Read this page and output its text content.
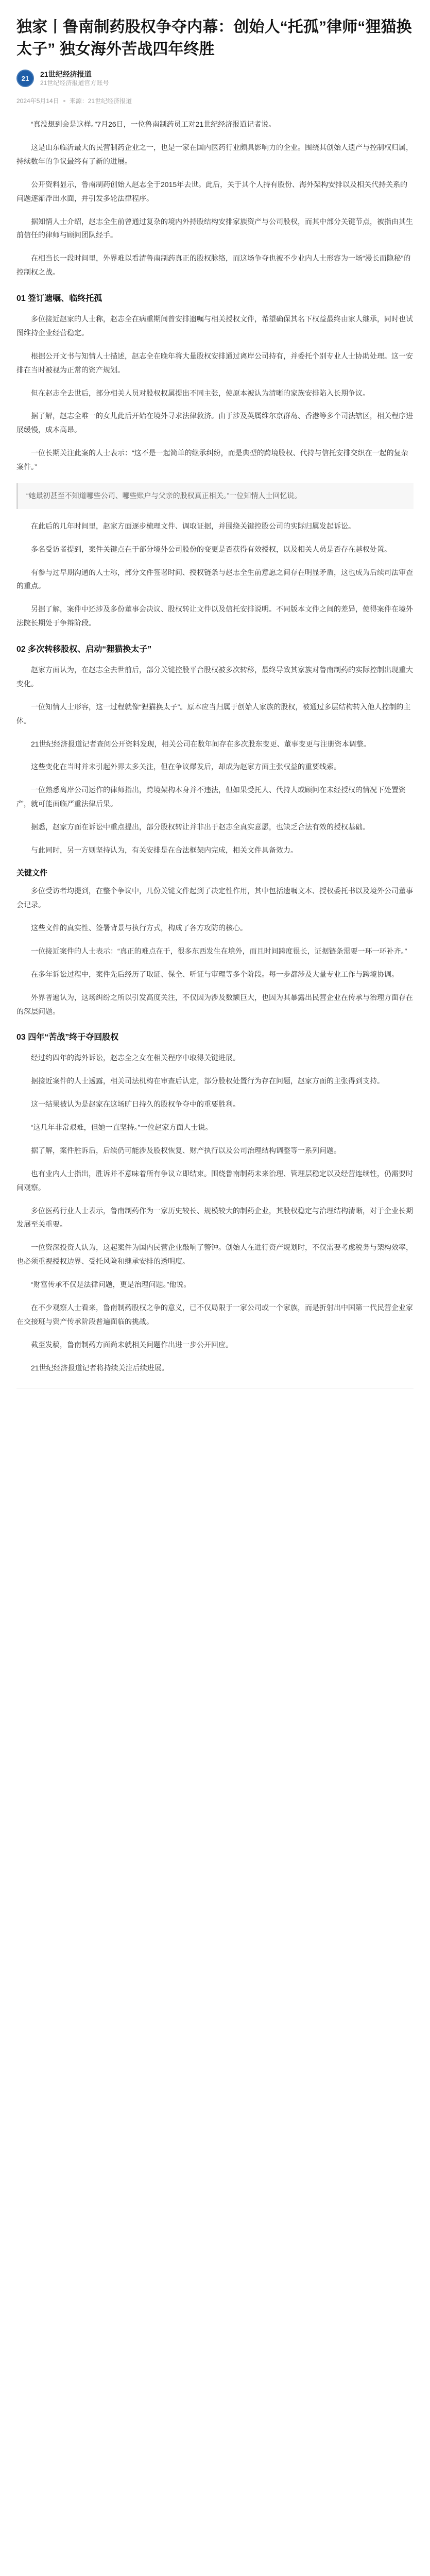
独家丨鲁南制药股权争夺内幕：创始人“托孤”律师“狸猫换太子” 独女海外苦战四年终胜
21
21世纪经济报道
21世纪经济报道官方账号
2024年5月14日 来源：21世纪经济报道

“真没想到会是这样。”7月26日，一位鲁南制药员工对21世纪经济报道记者说。

这是山东临沂最大的民营制药企业之一，也是一家在国内医药行业颇具影响力的企业。围绕其创始人遗产与控制权归属，持续数年的争议最终有了新的进展。

公开资料显示，鲁南制药创始人赵志全于2015年去世。此后，关于其个人持有股份、海外架构安排以及相关代持关系的问题逐渐浮出水面，并引发多轮法律程序。

据知情人士介绍，赵志全生前曾通过复杂的境内外持股结构安排家族资产与公司股权，而其中部分关键节点，被指由其生前信任的律师与顾问团队经手。

在相当长一段时间里，外界难以看清鲁南制药真正的股权脉络，而这场争夺也被不少业内人士形容为一场“漫长而隐秘”的控制权之战。

01 签订遗嘱、临终托孤

多位接近赵家的人士称，赵志全在病重期间曾安排遗嘱与相关授权文件，希望确保其名下权益最终由家人继承，同时也试图维持企业经营稳定。

根据公开文书与知情人士描述，赵志全在晚年将大量股权安排通过离岸公司持有，并委托个别专业人士协助处理。这一安排在当时被视为正常的资产规划。

但在赵志全去世后，部分相关人员对股权权属提出不同主张，使原本被认为清晰的家族安排陷入长期争议。

据了解，赵志全唯一的女儿此后开始在境外寻求法律救济。由于涉及英属维尔京群岛、香港等多个司法辖区，相关程序进展缓慢，成本高昂。

一位长期关注此案的人士表示：“这不是一起简单的继承纠纷，而是典型的跨境股权、代持与信托安排交织在一起的复杂案件。”

“她最初甚至不知道哪些公司、哪些账户与父亲的股权真正相关。”一位知情人士回忆说。

在此后的几年时间里，赵家方面逐步梳理文件、调取证据，并围绕关键控股公司的实际归属发起诉讼。

多名受访者提到，案件关键点在于部分境外公司股份的变更是否获得有效授权，以及相关人员是否存在越权处置。

有参与过早期沟通的人士称，部分文件签署时间、授权链条与赵志全生前意愿之间存在明显矛盾，这也成为后续司法审查的重点。

另据了解，案件中还涉及多份董事会决议、股权转让文件以及信托安排说明。不同版本文件之间的差异，使得案件在境外法院长期处于争辩阶段。

02 多次转移股权、启动“狸猫换太子”

赵家方面认为，在赵志全去世前后，部分关键控股平台股权被多次转移，最终导致其家族对鲁南制药的实际控制出现重大变化。

一位知情人士形容，这一过程就像“狸猫换太子”。原本应当归属于创始人家族的股权，被通过多层结构转入他人控制的主体。

21世纪经济报道记者查阅公开资料发现，相关公司在数年间存在多次股东变更、董事变更与注册资本调整。

这些变化在当时并未引起外界太多关注，但在争议爆发后，却成为赵家方面主张权益的重要线索。

一位熟悉离岸公司运作的律师指出，跨境架构本身并不违法，但如果受托人、代持人或顾问在未经授权的情况下处置资产，就可能面临严重法律后果。

据悉，赵家方面在诉讼中重点提出，部分股权转让并非出于赵志全真实意愿，也缺乏合法有效的授权基础。

与此同时，另一方则坚持认为，有关安排是在合法框架内完成，相关文件具备效力。

关键文件

多位受访者均提到，在整个争议中，几份关键文件起到了决定性作用，其中包括遗嘱文本、授权委托书以及境外公司董事会记录。

这些文件的真实性、签署背景与执行方式，构成了各方攻防的核心。

一位接近案件的人士表示：“真正的难点在于，很多东西发生在境外，而且时间跨度很长，证据链条需要一环一环补齐。”

在多年诉讼过程中，案件先后经历了取证、保全、听证与审理等多个阶段。每一步都涉及大量专业工作与跨境协调。

外界普遍认为，这场纠纷之所以引发高度关注，不仅因为涉及数额巨大，也因为其暴露出民营企业在传承与治理方面存在的深层问题。

03 四年“苦战”终于夺回股权

经过约四年的海外诉讼，赵志全之女在相关程序中取得关键进展。

据接近案件的人士透露，相关司法机构在审查后认定，部分股权处置行为存在问题，赵家方面的主张得到支持。

这一结果被认为是赵家在这场旷日持久的股权争夺中的重要胜利。

“这几年非常艰难，但她一直坚持。”一位赵家方面人士说。

据了解，案件胜诉后，后续仍可能涉及股权恢复、财产执行以及公司治理结构调整等一系列问题。

也有业内人士指出，胜诉并不意味着所有争议立即结束。围绕鲁南制药未来治理、管理层稳定以及经营连续性，仍需要时间观察。

多位医药行业人士表示，鲁南制药作为一家历史较长、规模较大的制药企业，其股权稳定与治理结构清晰，对于企业长期发展至关重要。

一位资深投资人认为，这起案件为国内民营企业敲响了警钟。创始人在进行资产规划时，不仅需要考虑税务与架构效率，也必须重视授权边界、受托风险和继承安排的透明度。

“财富传承不仅是法律问题，更是治理问题。”他说。

在不少观察人士看来，鲁南制药股权之争的意义，已不仅局限于一家公司或一个家族，而是折射出中国第一代民营企业家在交接班与资产传承阶段普遍面临的挑战。

截至发稿，鲁南制药方面尚未就相关问题作出进一步公开回应。

21世纪经济报道记者将持续关注后续进展。
